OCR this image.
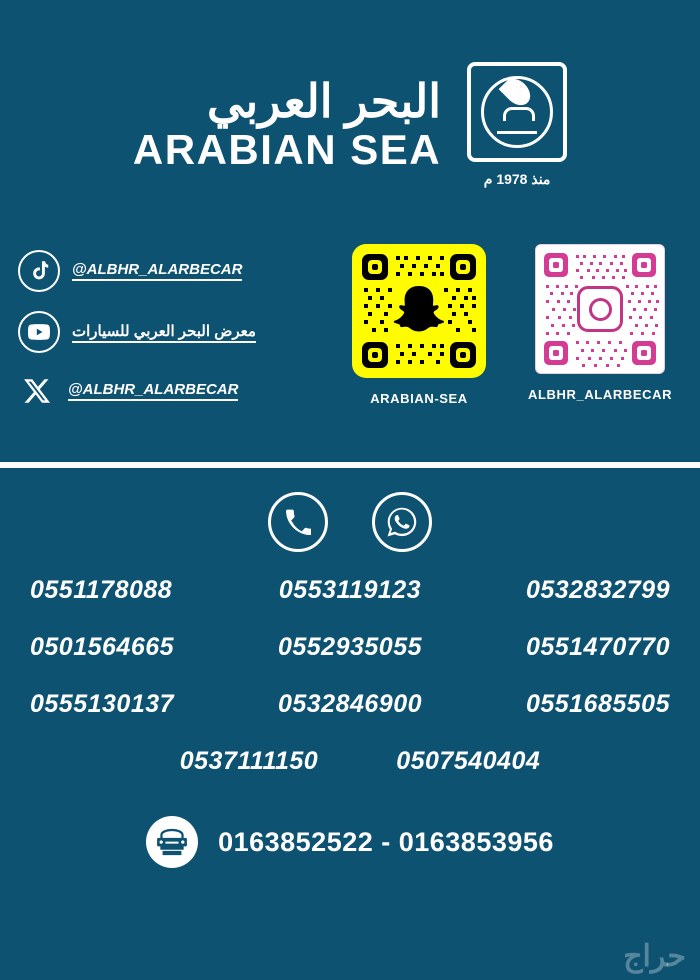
البحر العربي
ARABIAN SEA
منذ 1978 م
@ALBHR_ALARBECAR
معرض البحر العربي للسيارات
@ALBHR_ALARBECAR
ARABIAN-SEA	ALBHR_ALARBECAR
0551178088	0553119123	0532832799
0501564665	0552935055	0551470770
0555130137	0532846900	0551685505
0537111150	0507540404
0163852522 - 0163853956
حراج
